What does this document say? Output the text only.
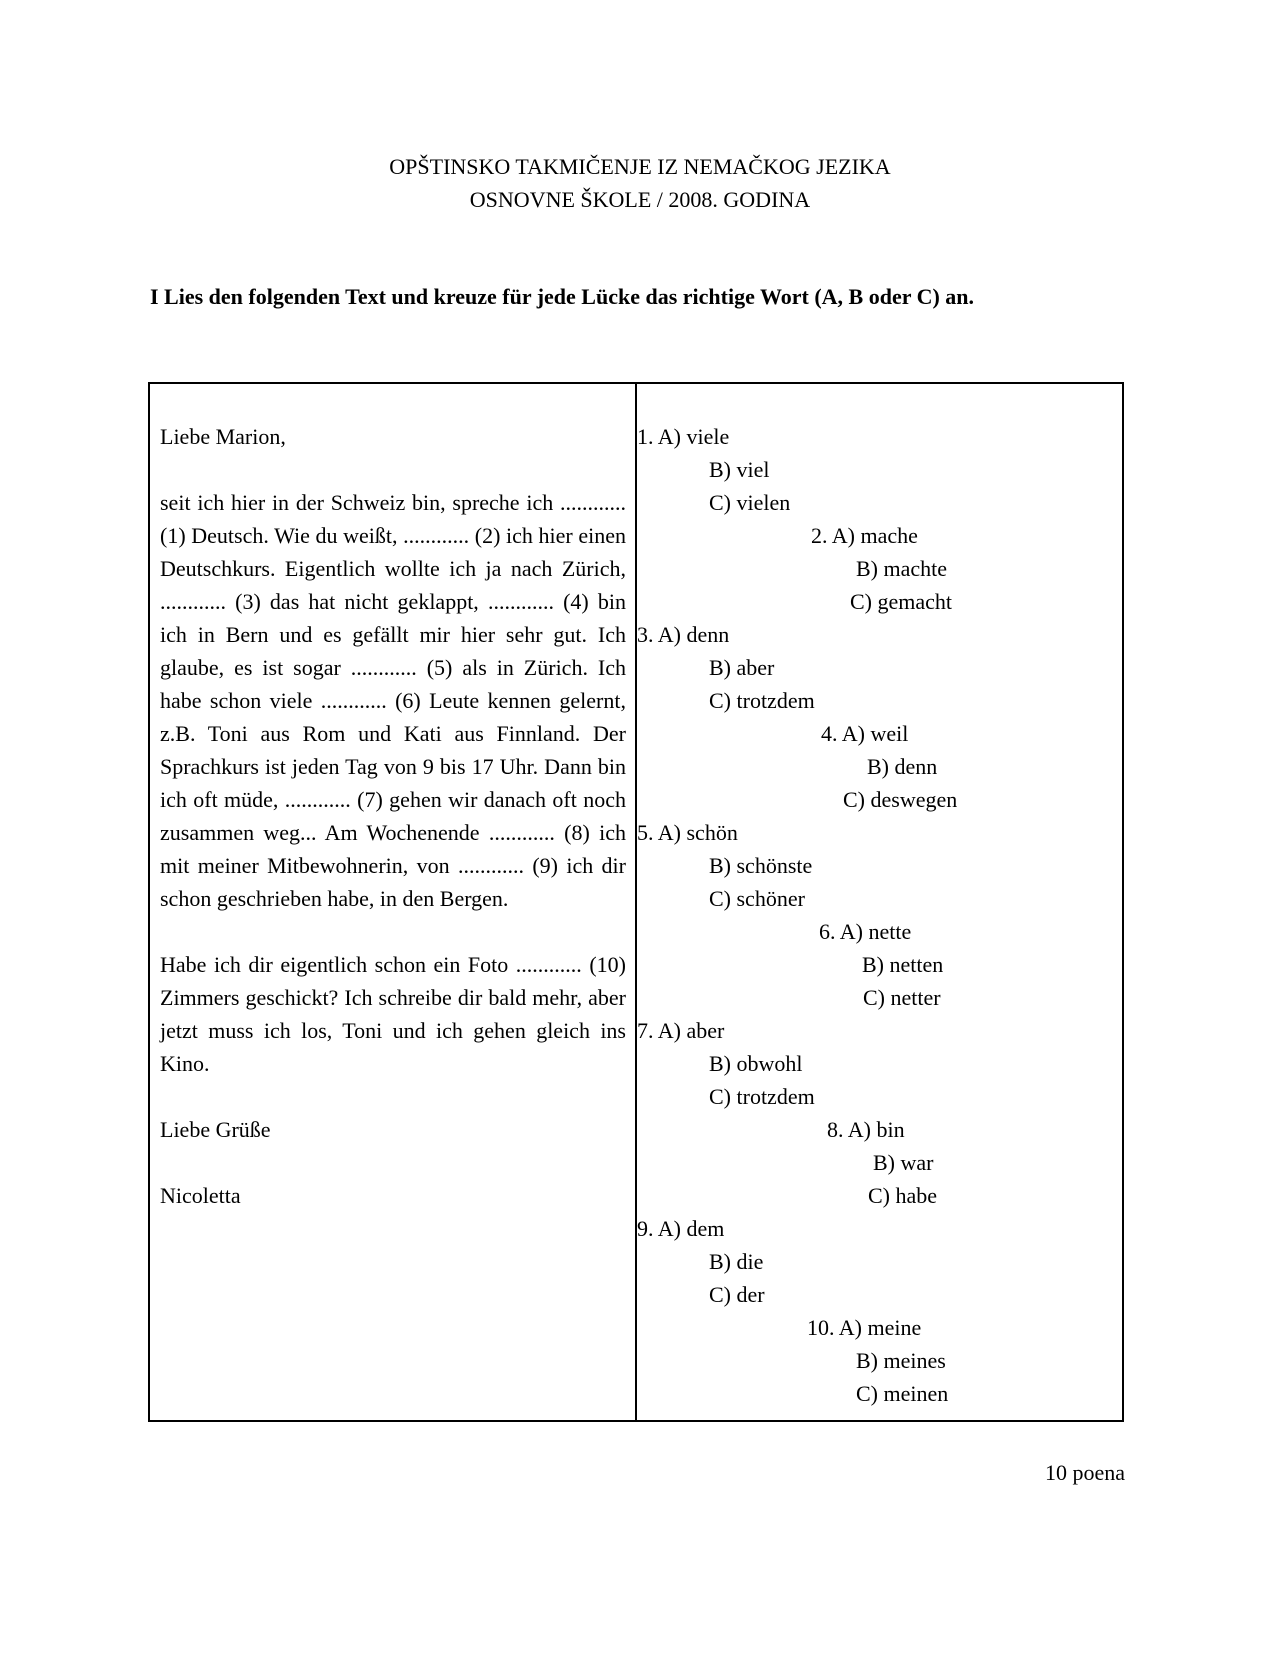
OPŠTINSKO TAKMIČENJE IZ NEMAČKOG JEZIKA
OSNOVNE ŠKOLE / 2008. GODINA
I Lies den folgenden Text und kreuze für jede Lücke das richtige Wort (A, B oder C) an.

Liebe Marion,

seit ich hier in der Schweiz bin, spreche ich ............ (1) Deutsch. Wie du weißt, ............ (2) ich hier einen Deutschkurs. Eigentlich wollte ich ja nach Zürich, ............ (3) das hat nicht geklappt, ............ (4) bin ich in Bern und es gefällt mir hier sehr gut. Ich glaube, es ist sogar ............ (5) als in Zürich. Ich habe schon viele ............ (6) Leute kennen gelernt, z.B. Toni aus Rom und Kati aus Finnland. Der Sprachkurs ist jeden Tag von 9 bis 17 Uhr. Dann bin ich oft müde, ............ (7) gehen wir danach oft noch zusammen weg... Am Wochenende ............ (8) ich mit meiner Mitbewohnerin, von ............ (9) ich dir schon geschrieben habe, in den Bergen.

Habe ich dir eigentlich schon ein Foto ............ (10) Zimmers geschickt? Ich schreibe dir bald mehr, aber jetzt muss ich los, Toni und ich gehen gleich ins Kino.

Liebe Grüße

Nicoletta

1. A) viele
B) viel
C) vielen
2. A) mache
B) machte
C) gemacht
3. A) denn
B) aber
C) trotzdem
4. A) weil
B) denn
C) deswegen
5. A) schön
B) schönste
C) schöner
6. A) nette
B) netten
C) netter
7. A) aber
B) obwohl
C) trotzdem
8. A) bin
B) war
C) habe
9. A) dem
B) die
C) der
10. A) meine
B) meines
C) meinen
10 poena
